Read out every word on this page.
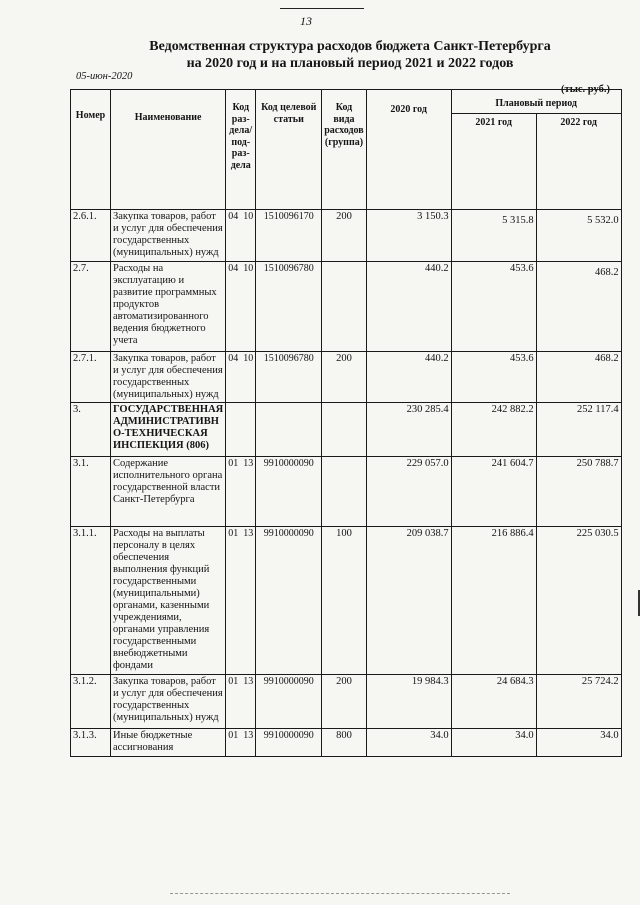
13
Ведомственная структура расходов бюджета Санкт-Петербурга
на 2020 год и на плановый период 2021 и 2022 годов
05-июн-2020
(тыс. руб.)
Номер	Наименование	Код раз- дела/ под- раз- дела	Код целевой статьи	Код вида расходов (группа)	2020 год	Плановый период	
						2021 год	2022 год
2.6.1.	Закупка товаров, работ и услуг для обеспечения государственных (муниципальных) нужд	04 10	1510096170	200	3 150.3	5 315.8	5 532.0
2.7.	Расходы на эксплуатацию и развитие программных продуктов автоматизированного ведения бюджетного учета	04 10	1510096780		440.2	453.6	468.2
2.7.1.	Закупка товаров, работ и услуг для обеспечения государственных (муниципальных) нужд	04 10	1510096780	200	440.2	453.6	468.2
3.	ГОСУДАРСТВЕННАЯ АДМИНИСТРАТИВН О-ТЕХНИЧЕСКАЯ ИНСПЕКЦИЯ (806)				230 285.4	242 882.2	252 117.4
3.1.	Содержание исполнительного органа государственной власти Санкт-Петербурга	01 13	9910000090		229 057.0	241 604.7	250 788.7
3.1.1.	Расходы на выплаты персоналу в целях обеспечения выполнения функций государственными (муниципальными) органами, казенными учреждениями, органами управления государственными внебюджетными фондами	01 13	9910000090	100	209 038.7	216 886.4	225 030.5
3.1.2.	Закупка товаров, работ и услуг для обеспечения государственных (муниципальных) нужд	01 13	9910000090	200	19 984.3	24 684.3	25 724.2
3.1.3.	Иные бюджетные ассигнования	01 13	9910000090	800	34.0	34.0	34.0
